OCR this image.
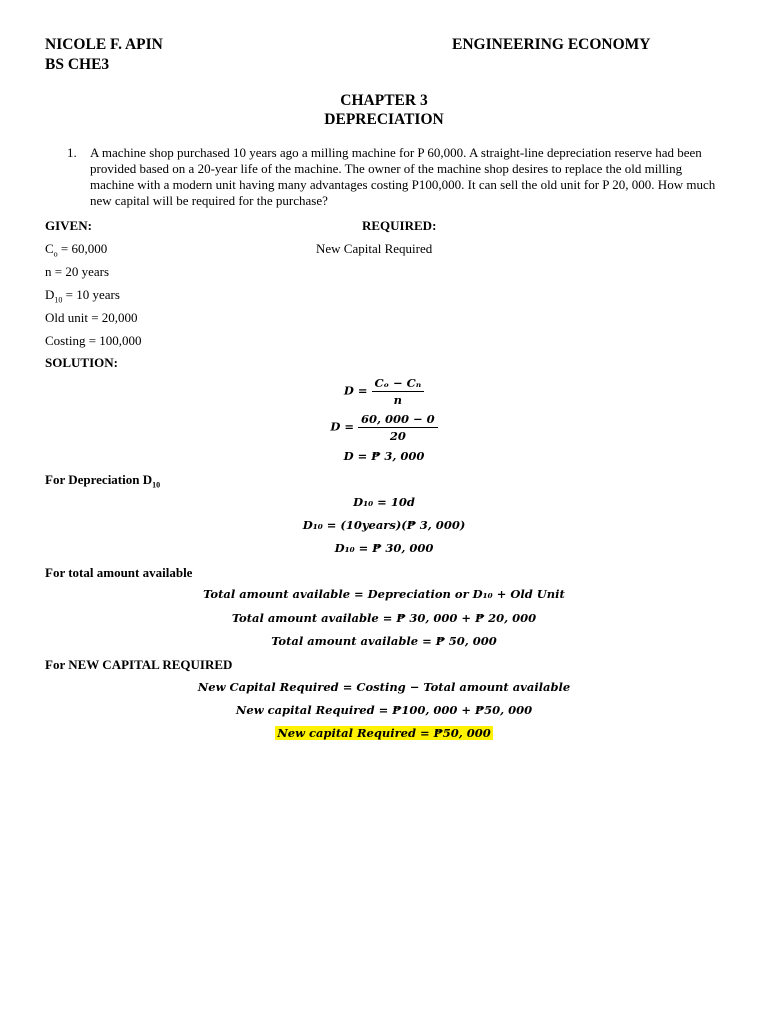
NICOLE F. APIN
BS CHE3
ENGINEERING ECONOMY
CHAPTER 3
DEPRECIATION
1. A machine shop purchased 10 years ago a milling machine for P 60,000. A straight-line depreciation reserve had been provided based on a 20-year life of the machine. The owner of the machine shop desires to replace the old milling machine with a modern unit having many advantages costing P100,000. It can sell the old unit for P 20, 000. How much new capital will be required for the purchase?
GIVEN:	REQUIRED:
$C_o = 60,000$	New Capital Required
n = 20 years
$D_{10} = 10$ years
Old unit = 20,000
Costing = 100,000
SOLUTION:
$D = \frac{\text{Cₒ − Cₙ}}{n}$
$D = \frac{60, 000 - 0}{20}$
D = ₱ 3, 000
For Depreciation $D_{10}$
D₁₀ = 10d
D₁₀ = (10years)(₱ 3, 000)
D₁₀ = ₱ 30, 000
For total amount available
Total amount available = Depreciation or D₁₀ + Old Unit
Total amount available = ₱ 30, 000 + ₱ 20, 000
Total amount available = ₱ 50, 000
For NEW CAPITAL REQUIRED
New Capital Required = Costing − Total amount available
New capital Required = ₱100, 000 + ₱50, 000
New capital Required = ₱50, 000
